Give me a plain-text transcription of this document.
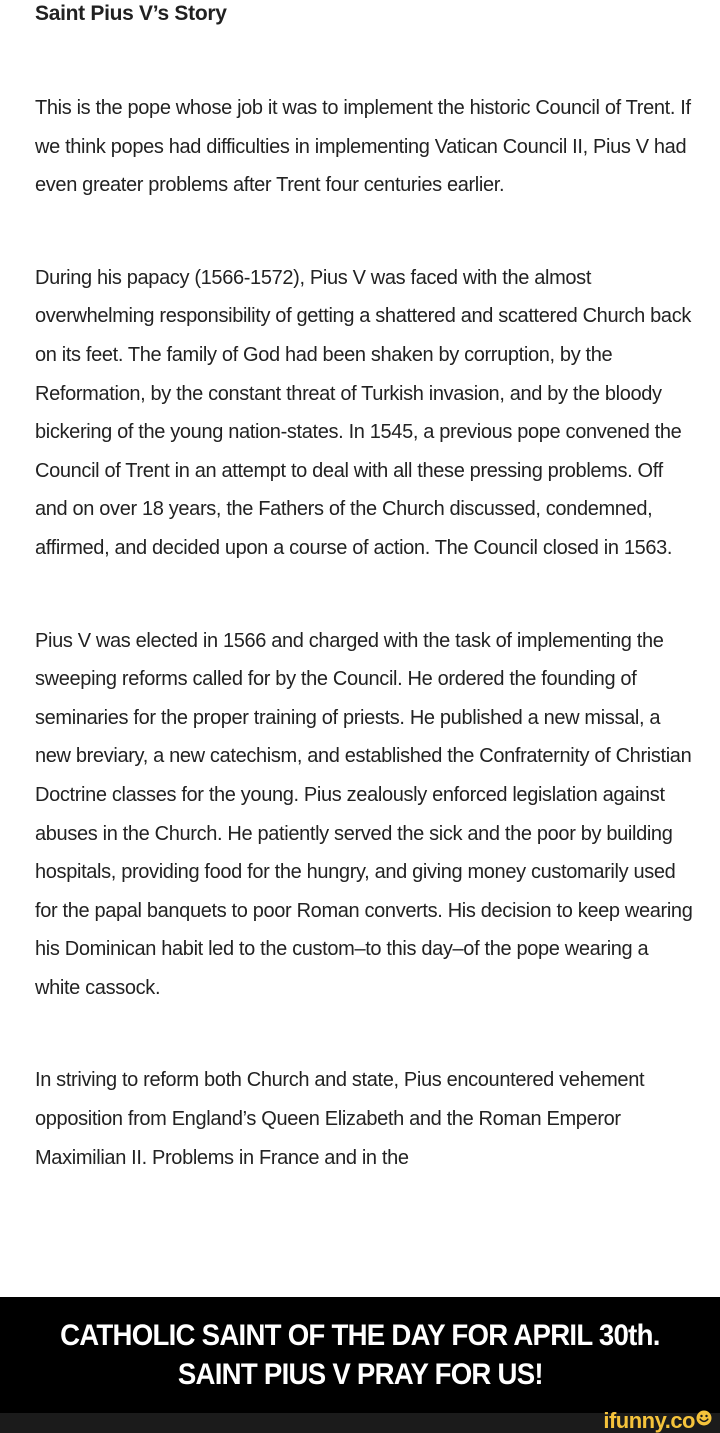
Saint Pius V’s Story

This is the pope whose job it was to implement the historic Council of Trent. If we think popes had difficulties in implementing Vatican Council II, Pius V had even greater problems after Trent four centuries earlier.

During his papacy (1566-1572), Pius V was faced with the almost overwhelming responsibility of getting a shattered and scattered Church back on its feet. The family of God had been shaken by corruption, by the Reformation, by the constant threat of Turkish invasion, and by the bloody bickering of the young nation-states. In 1545, a previous pope convened the Council of Trent in an attempt to deal with all these pressing problems. Off and on over 18 years, the Fathers of the Church discussed, condemned, affirmed, and decided upon a course of action. The Council closed in 1563.

Pius V was elected in 1566 and charged with the task of implementing the sweeping reforms called for by the Council. He ordered the founding of seminaries for the proper training of priests. He published a new missal, a new breviary, a new catechism, and established the Confraternity of Christian Doctrine classes for the young. Pius zealously enforced legislation against abuses in the Church. He patiently served the sick and the poor by building hospitals, providing food for the hungry, and giving money customarily used for the papal banquets to poor Roman converts. His decision to keep wearing his Dominican habit led to the custom–to this day–of the pope wearing a white cassock.

In striving to reform both Church and state, Pius encountered vehement opposition from England’s Queen Elizabeth and the Roman Emperor Maximilian II. Problems in France and in the

CATHOLIC SAINT OF THE DAY FOR APRIL 30th.
SAINT PIUS V PRAY FOR US!
ifunny.co
